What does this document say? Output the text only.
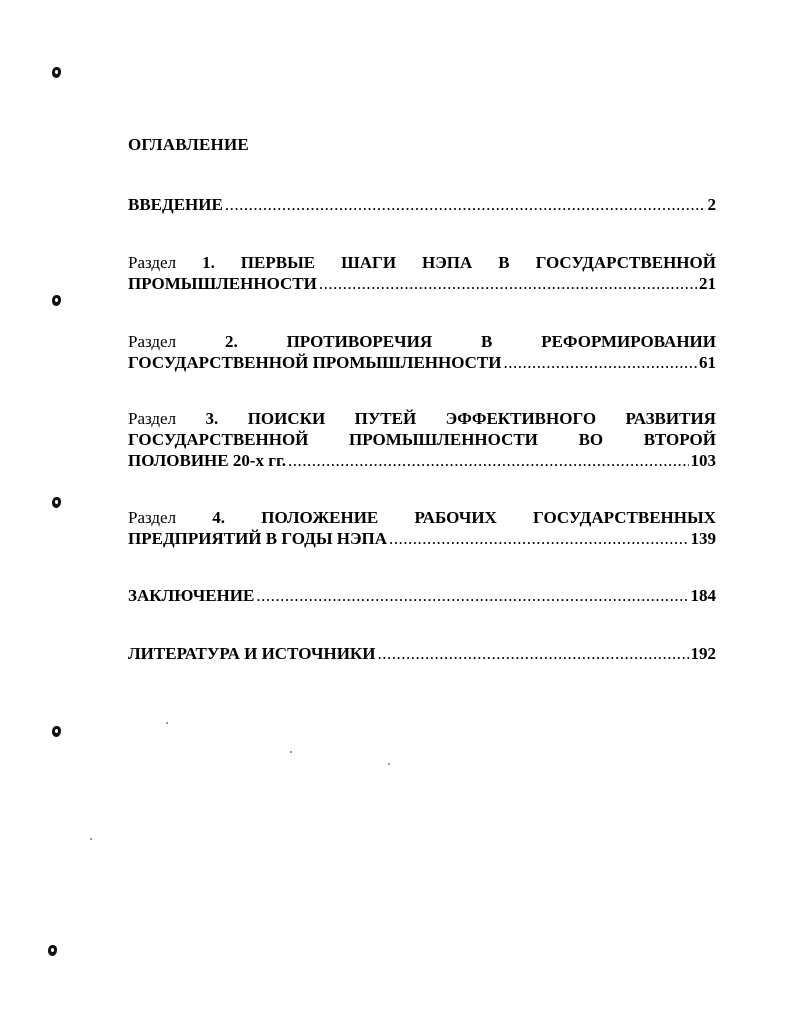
ОГЛАВЛЕНИЕ
ВВЕДЕНИЕ .....	2
Раздел 1. ПЕРВЫЕ ШАГИ НЭПА В ГОСУДАРСТВЕННОЙ
ПРОМЫШЛЕННОСТИ .....	21
Раздел	2.	ПРОТИВОРЕЧИЯ	В	РЕФОРМИРОВАНИИ
ГОСУДАРСТВЕННОЙ ПРОМЫШЛЕННОСТИ .....	61
Раздел 3. ПОИСКИ ПУТЕЙ ЭФФЕКТИВНОГО РАЗВИТИЯ
ГОСУДАРСТВЕННОЙ ПРОМЫШЛЕННОСТИ ВО ВТОРОЙ
ПОЛОВИНЕ 20-х гг. .....	103
Раздел 4. ПОЛОЖЕНИЕ РАБОЧИХ ГОСУДАРСТВЕННЫХ
ПРЕДПРИЯТИЙ В ГОДЫ НЭПА .....	139
ЗАКЛЮЧЕНИЕ .....	184
ЛИТЕРАТУРА И ИСТОЧНИКИ .....	192
